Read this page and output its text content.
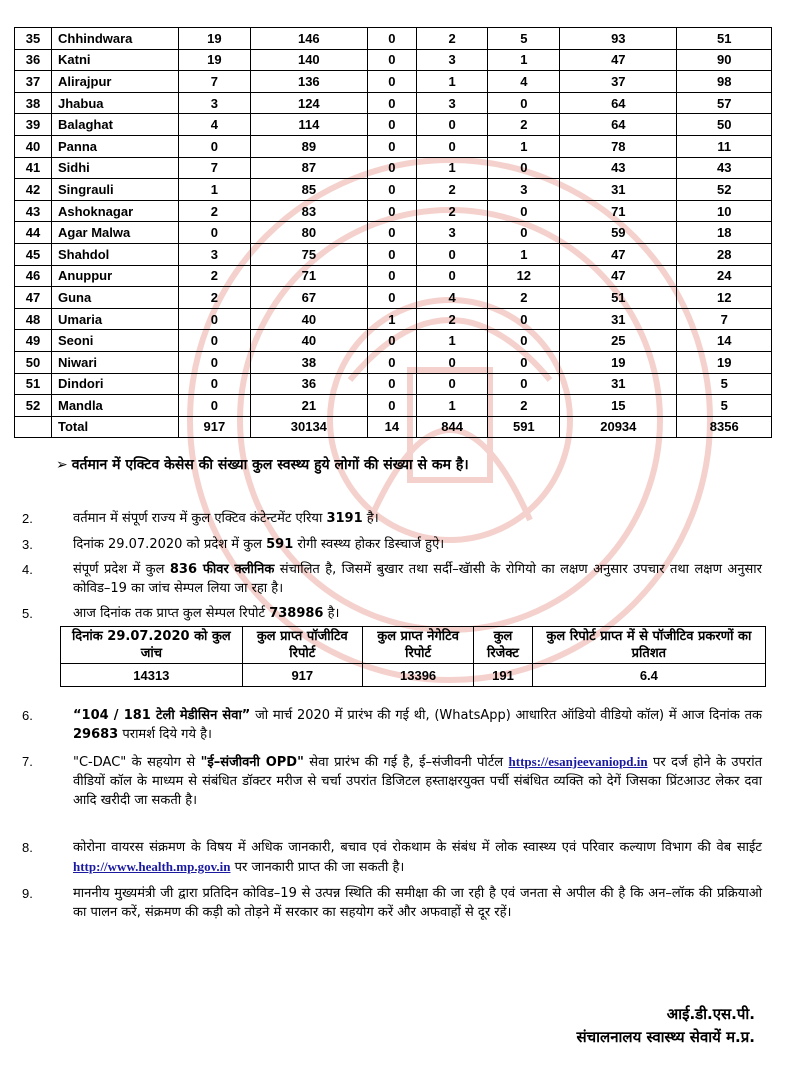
35	Chhindwara	19	146	0	2	5	93	51
36	Katni	19	140	0	3	1	47	90
37	Alirajpur	7	136	0	1	4	37	98
38	Jhabua	3	124	0	3	0	64	57
39	Balaghat	4	114	0	0	2	64	50
40	Panna	0	89	0	0	1	78	11
41	Sidhi	7	87	0	1	0	43	43
42	Singrauli	1	85	0	2	3	31	52
43	Ashoknagar	2	83	0	2	0	71	10
44	Agar Malwa	0	80	0	3	0	59	18
45	Shahdol	3	75	0	0	1	47	28
46	Anuppur	2	71	0	0	12	47	24
47	Guna	2	67	0	4	2	51	12
48	Umaria	0	40	1	2	0	31	7
49	Seoni	0	40	0	1	0	25	14
50	Niwari	0	38	0	0	0	19	19
51	Dindori	0	36	0	0	0	31	5
52	Mandla	0	21	0	1	2	15	5
	Total	917	30134	14	844	591	20934	8356
➢ वर्तमान में एक्टिव केसेस की संख्या कुल स्वस्थ्य हुये लोगों की संख्या से कम है।
2.	वर्तमान में संपूर्ण राज्य में कुल एक्टिव कंटेन्टमेंट एरिया 3191 है।
3.	दिनांक 29.07.2020 को प्रदेश में कुल 591 रोगी स्वस्थ्य होकर डिस्चार्ज हुऐ।
4.	संपूर्ण प्रदेश में कुल 836 फीवर क्लीनिक संचालित है, जिसमें बुखार तथा सर्दी–खॅासी के रोगियो का लक्षण अनुसार उपचार तथा लक्षण अनुसार कोविड–19 का जांच सेम्पल लिया जा रहा है।
5.	आज दिनांक तक प्राप्त कुल सेम्पल रिपोर्ट 738986 है।
दिनांक 29.07.2020 को कुल जांच	कुल प्राप्त पॉजीटिव रिपोर्ट	कुल प्राप्त नेगेटिव रिपोर्ट	कुल रिजेक्ट	कुल रिपोर्ट प्राप्त में से पॉजीटिव प्रकरणों का प्रतिशत
14313	917	13396	191	6.4
6.	“104 / 181 टेली मेडीसिन सेवा” जो मार्च 2020 में प्रारंभ की गई थी, (WhatsApp) आधारित ऑडियो वीडियो कॉल) में आज दिनांक तक 29683 परामर्श दिये गये है।
7.	"C-DAC" के सहयोग से "ई–संजीवनी OPD" सेवा प्रारंभ की गई है, ई–संजीवनी पोर्टल https://esanjeevaniopd.in पर दर्ज होने के उपरांत वीडियों कॉल के माध्यम से संबंधित डॉक्टर मरीज से चर्चा उपरांत डिजिटल हस्ताक्षरयुक्त पर्ची संबंधित व्यक्ति को देगें जिसका प्रिंटआउट लेकर दवा आदि खरीदी जा सकती है।
8.	कोरोना वायरस संक्रमण के विषय में अधिक जानकारी, बचाव एवं रोकथाम के संबंध में लोक स्वास्थ्य एवं परिवार कल्याण विभाग की वेब साईट http://www.health.mp.gov.in पर जानकारी प्राप्त की जा सकती है।
9.	माननीय मुख्यमंत्री जी द्वारा प्रतिदिन कोविड–19 से उत्पन्न स्थिति की समीक्षा की जा रही है एवं जनता से अपील की है कि अन–लॉक की प्रक्रियाओ का पालन करें, संक्रमण की कड़ी को तोड़ने में सरकार का सहयोग करें और अफवाहों से दूर रहें।
आई.डी.एस.पी.
संचालनालय स्वास्थ्य सेवायें म.प्र.
